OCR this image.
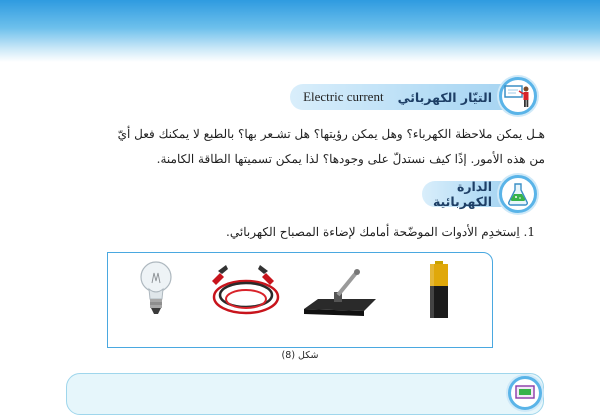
التيّار الكهربائي
Electric current

هـل يمكن ملاحظة الكهرباء؟ وهل يمكن رؤيتها؟ هل تشـعر بها؟ بالطبع لا يمكنك فعل أيّ

من هذه الأمور. إذًا كيف نستدلّ على وجودها؟ لذا يمكن تسميتها الطاقة الكامنة.

الدارة الكهربائية
1. اِستخدِم الأدوات الموضّحة أمامك لإضاءة المصباح الكهربائي.
شكل (8)
